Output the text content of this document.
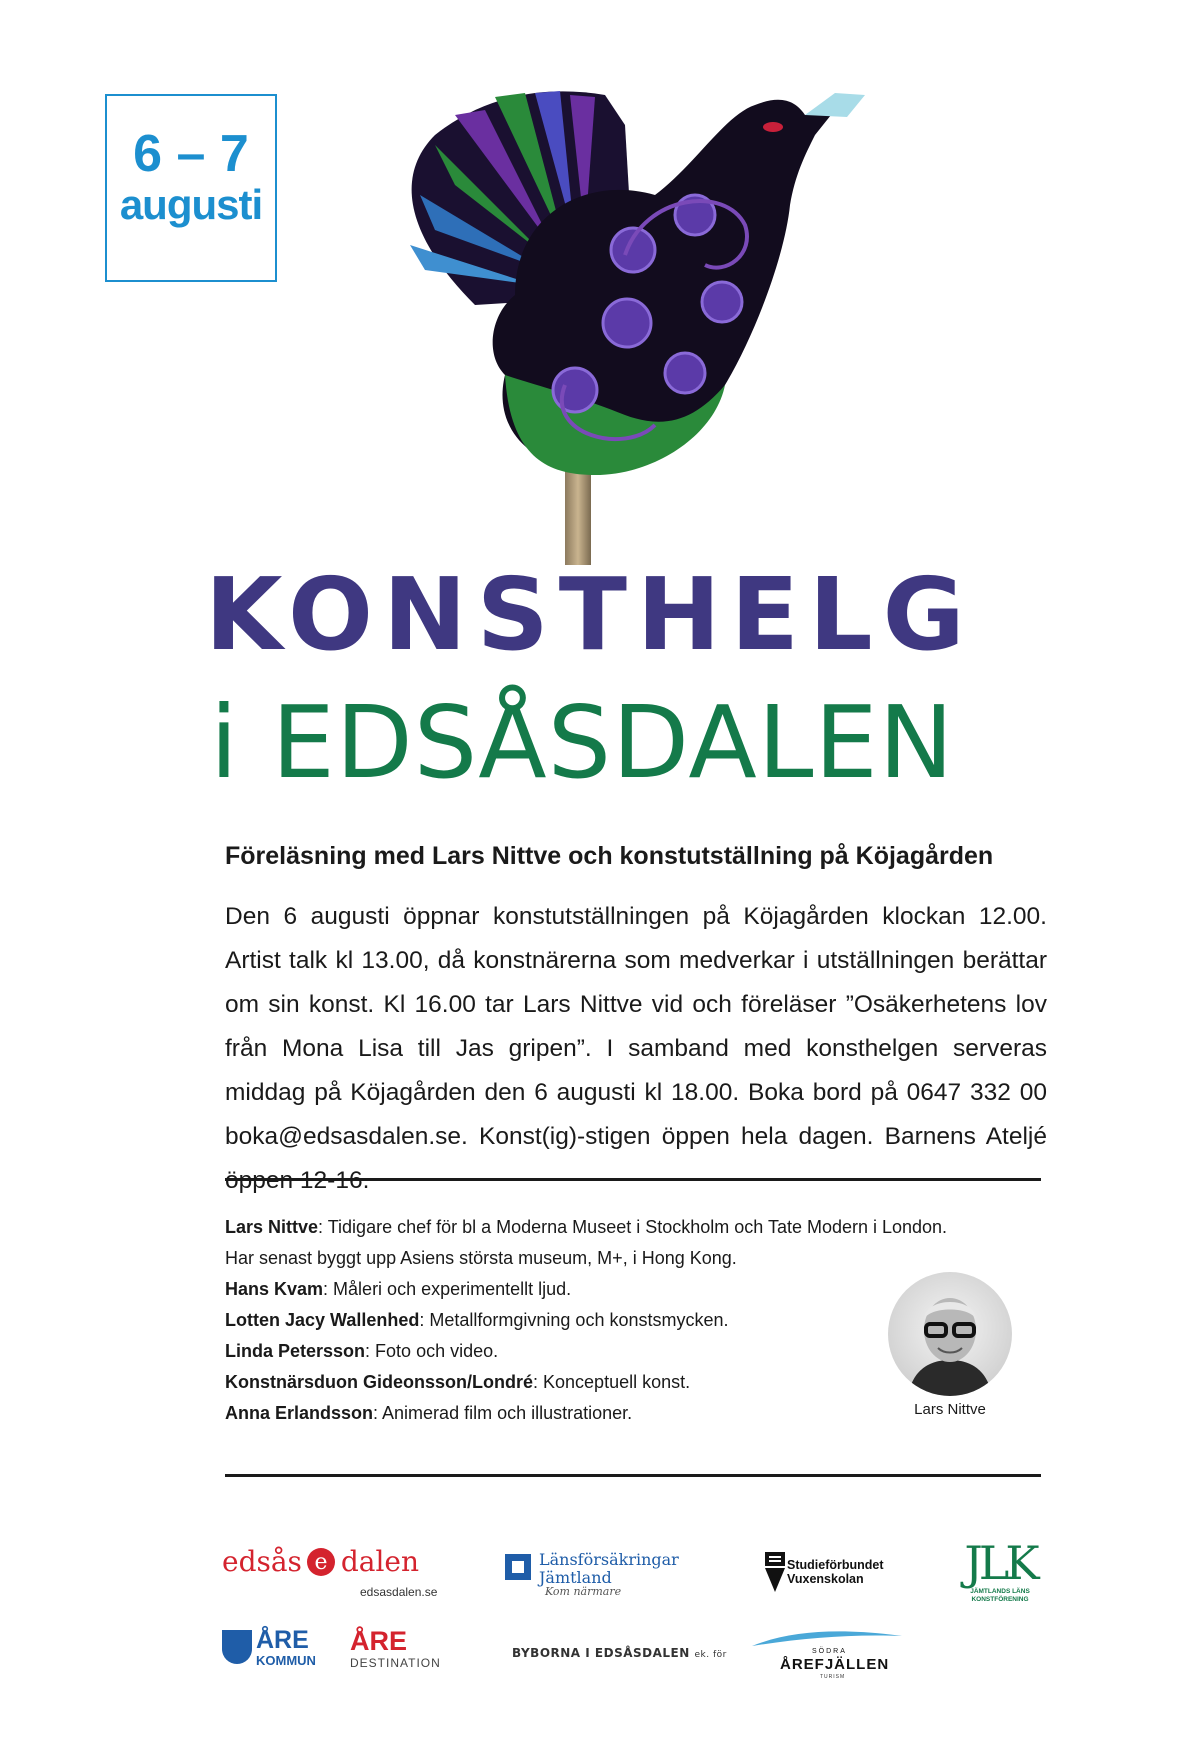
6 – 7
augusti
KONSTHELG
i EDSÅSDALEN
Föreläsning med Lars Nittve och konstutställning på Köjagården

Den 6 augusti öppnar konstutställningen på Köjagården klockan 12.00. Artist talk kl 13.00, då konstnärerna som medverkar i utställningen berättar om sin konst. Kl 16.00 tar Lars Nittve vid och föreläser ”Osäkerhetens lov från Mona Lisa till Jas gripen”. I samband med konsthelgen serveras middag på Köjagården den 6 augusti kl 18.00. Boka bord på 0647 332 00 boka@edsasdalen.se. Konst(ig)-stigen öppen hela dagen. Barnens Ateljé

Lars Nittve: Tidigare chef för bl a Moderna Museet i Stockholm och Tate Modern i London.
Har senast byggt upp Asiens största museum, M+, i Hong Kong.
Hans Kvam: Måleri och experimentellt ljud.
Lotten Jacy Wallenhed: Metallformgivning och konstsmycken.
Linda Petersson: Foto och video.
Konstnärsduon Gideonsson/Londré: Konceptuell konst.
Anna Erlandsson: Animerad film och illustrationer.	Lars Nittve
edsås e dalen
edsasdalen.se
Länsförsäkringar
Jämtland
Kom närmare
Studieförbundet
Vuxenskolan	JLK
JÄMTLANDS LÄNS
KONSTFÖRENING
ÅRE
KOMMUN
ÅRE
DESTINATION
BYBORNA I EDSÅSDALEN ek. för	SÖDRA
ÅREFJÄLLEN
TURISM
